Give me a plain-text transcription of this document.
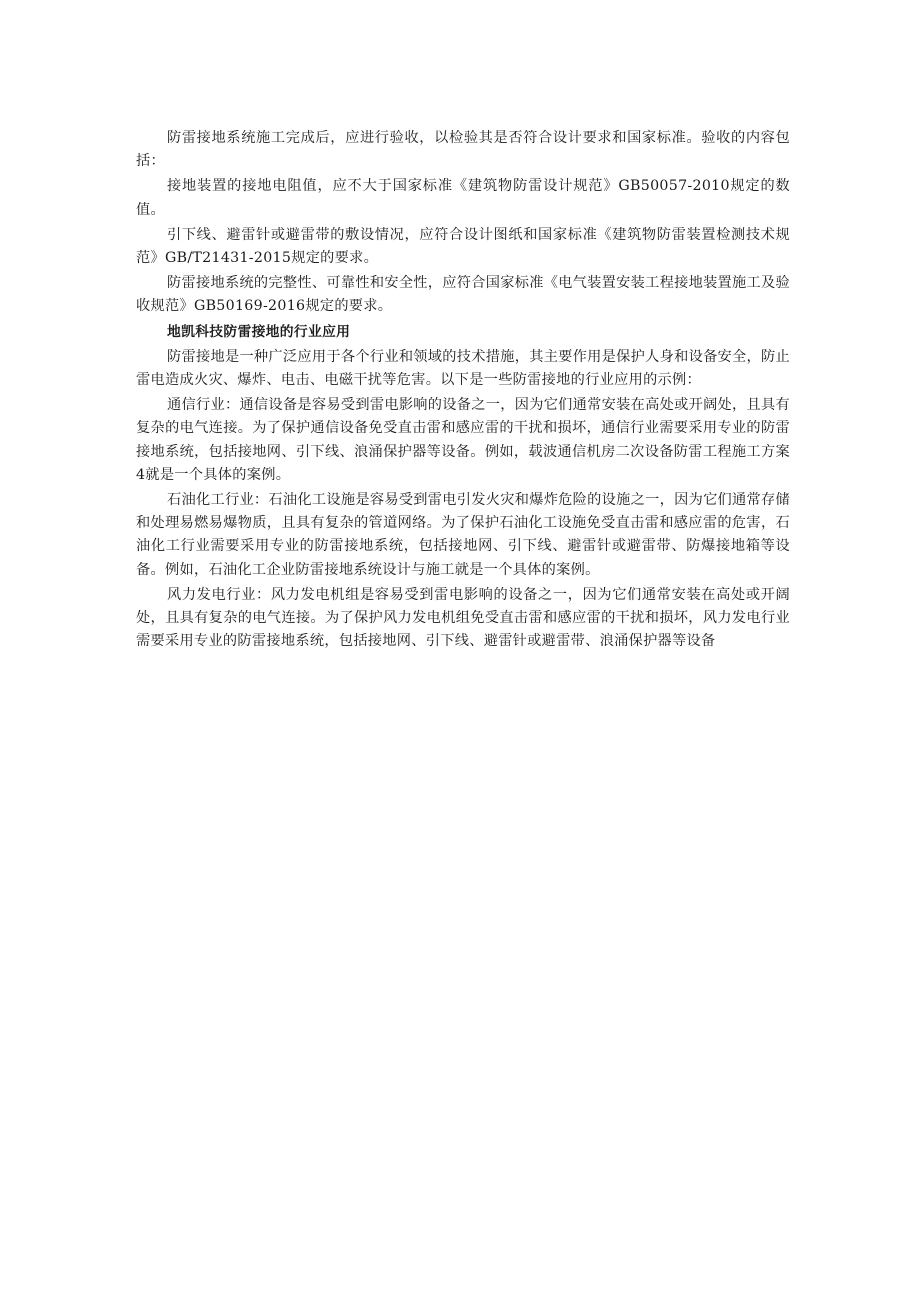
防雷接地系统施工完成后，应进行验收，以检验其是否符合设计要求和国家标准。验收的内容包括：

接地装置的接地电阻值，应不大于国家标准《建筑物防雷设计规范》GB50057-2010规定的数值。

引下线、避雷针或避雷带的敷设情况，应符合设计图纸和国家标准《建筑物防雷装置检测技术规范》GB/T21431-2015规定的要求。

防雷接地系统的完整性、可靠性和安全性，应符合国家标准《电气装置安装工程接地装置施工及验收规范》GB50169-2016规定的要求。

地凯科技防雷接地的行业应用

防雷接地是一种广泛应用于各个行业和领域的技术措施，其主要作用是保护人身和设备安全，防止雷电造成火灾、爆炸、电击、电磁干扰等危害。以下是一些防雷接地的行业应用的示例：

通信行业：通信设备是容易受到雷电影响的设备之一，因为它们通常安装在高处或开阔处，且具有复杂的电气连接。为了保护通信设备免受直击雷和感应雷的干扰和损坏，通信行业需要采用专业的防雷接地系统，包括接地网、引下线、浪涌保护器等设备。例如，载波通信机房二次设备防雷工程施工方案4就是一个具体的案例。

石油化工行业：石油化工设施是容易受到雷电引发火灾和爆炸危险的设施之一，因为它们通常存储和处理易燃易爆物质，且具有复杂的管道网络。为了保护石油化工设施免受直击雷和感应雷的危害，石油化工行业需要采用专业的防雷接地系统，包括接地网、引下线、避雷针或避雷带、防爆接地箱等设备。例如，石油化工企业防雷接地系统设计与施工就是一个具体的案例。

风力发电行业：风力发电机组是容易受到雷电影响的设备之一，因为它们通常安装在高处或开阔处，且具有复杂的电气连接。为了保护风力发电机组免受直击雷和感应雷的干扰和损坏，风力发电行业需要采用专业的防雷接地系统，包括接地网、引下线、避雷针或避雷带、浪涌保护器等设备
